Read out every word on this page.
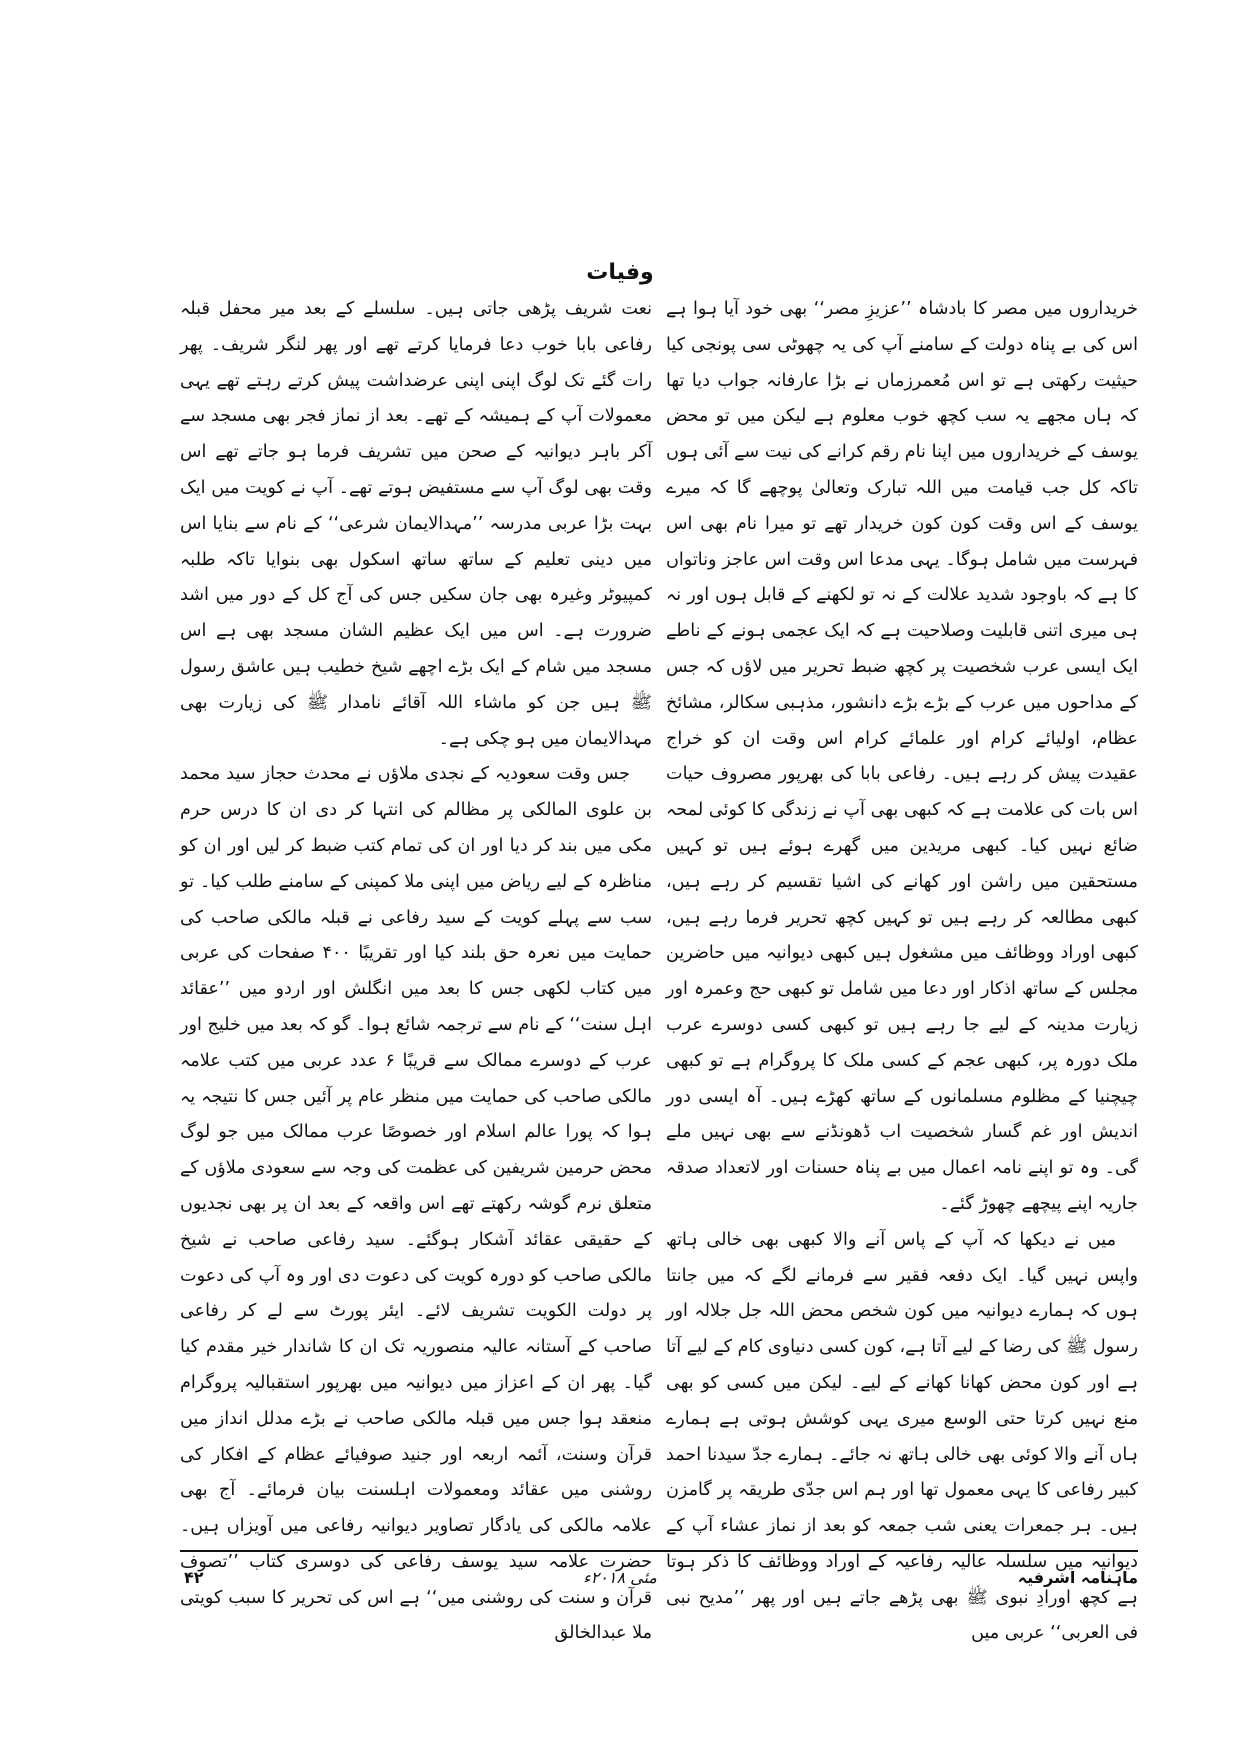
وفیات

خریداروں میں مصر کا بادشاہ ’’عزیزِ مصر‘‘ بھی خود آیا ہوا ہے اس کی بے پناہ دولت کے سامنے آپ کی یہ چھوٹی سی پونجی کیا حیثیت رکھتی ہے تو اس مُعمرزماں نے بڑا عارفانہ جواب دیا تھا کہ ہاں مجھے یہ سب کچھ خوب معلوم ہے لیکن میں تو محض یوسف کے خریداروں میں اپنا نام رقم کرانے کی نیت سے آئی ہوں تاکہ کل جب قیامت میں اللہ تبارک وتعالیٰ پوچھے گا کہ میرے یوسف کے اس وقت کون کون خریدار تھے تو میرا نام بھی اس فہرست میں شامل ہوگا۔ یہی مدعا اس وقت اس عاجز وناتواں کا ہے کہ باوجود شدید علالت کے نہ تو لکھنے کے قابل ہوں اور نہ ہی میری اتنی قابلیت وصلاحیت ہے کہ ایک عجمی ہونے کے ناطے ایک ایسی عرب شخصیت پر کچھ ضبط تحریر میں لاؤں کہ جس کے مداحوں میں عرب کے بڑے بڑے دانشور، مذہبی سکالر، مشائخ عظام، اولیائے کرام اور علمائے کرام اس وقت ان کو خراج عقیدت پیش کر رہے ہیں۔ رفاعی بابا کی بھرپور مصروف حیات اس بات کی علامت ہے کہ کبھی بھی آپ نے زندگی کا کوئی لمحہ ضائع نہیں کیا۔ کبھی مریدین میں گھرے ہوئے ہیں تو کہیں مستحقین میں راشن اور کھانے کی اشیا تقسیم کر رہے ہیں، کبھی مطالعہ کر رہے ہیں تو کہیں کچھ تحریر فرما رہے ہیں، کبھی اوراد ووظائف میں مشغول ہیں کبھی دیوانیہ میں حاضرین مجلس کے ساتھ اذکار اور دعا میں شامل تو کبھی حج وعمرہ اور زیارت مدینہ کے لیے جا رہے ہیں تو کبھی کسی دوسرے عرب ملک دورہ پر، کبھی عجم کے کسی ملک کا پروگرام ہے تو کبھی چیچنیا کے مظلوم مسلمانوں کے ساتھ کھڑے ہیں۔ آہ ایسی دور اندیش اور غم گسار شخصیت اب ڈھونڈنے سے بھی نہیں ملے گی۔ وہ تو اپنے نامہ اعمال میں بے پناہ حسنات اور لاتعداد صدقہ جاریہ اپنے پیچھے چھوڑ گئے۔

میں نے دیکھا کہ آپ کے پاس آنے والا کبھی بھی خالی ہاتھ واپس نہیں گیا۔ ایک دفعہ فقیر سے فرمانے لگے کہ میں جانتا ہوں کہ ہمارے دیوانیہ میں کون شخص محض اللہ جل جلالہ اور رسول ﷺ کی رضا کے لیے آتا ہے، کون کسی دنیاوی کام کے لیے آتا ہے اور کون محض کھانا کھانے کے لیے۔ لیکن میں کسی کو بھی منع نہیں کرتا حتی الوسع میری یہی کوشش ہوتی ہے ہمارے ہاں آنے والا کوئی بھی خالی ہاتھ نہ جائے۔ ہمارے جدّ سیدنا احمد کبیر رفاعی کا یہی معمول تھا اور ہم اس جدّی طریقہ پر گامزن ہیں۔ ہر جمعرات یعنی شب جمعہ کو بعد از نماز عشاء آپ کے دیوانیہ میں سلسلہ عالیہ رفاعیہ کے اوراد ووظائف کا ذکر ہوتا ہے کچھ اورادِ نبوی ﷺ بھی پڑھے جاتے ہیں اور پھر ’’مدیح نبی فی العربی‘‘ عربی میں

نعت شریف پڑھی جاتی ہیں۔ سلسلے کے بعد میر محفل قبلہ رفاعی بابا خوب دعا فرمایا کرتے تھے اور پھر لنگر شریف۔ پھر رات گئے تک لوگ اپنی اپنی عرضداشت پیش کرتے رہتے تھے یہی معمولات آپ کے ہمیشہ کے تھے۔ بعد از نماز فجر بھی مسجد سے آکر باہر دیوانیہ کے صحن میں تشریف فرما ہو جاتے تھے اس وقت بھی لوگ آپ سے مستفیض ہوتے تھے۔ آپ نے کویت میں ایک بہت بڑا عربی مدرسہ ’’مہدالایمان شرعی‘‘ کے نام سے بنایا اس میں دینی تعلیم کے ساتھ ساتھ اسکول بھی بنوایا تاکہ طلبہ کمپیوٹر وغیرہ بھی جان سکیں جس کی آج کل کے دور میں اشد ضرورت ہے۔ اس میں ایک عظیم الشان مسجد بھی ہے اس مسجد میں شام کے ایک بڑے اچھے شیخ خطیب ہیں عاشق رسول ﷺ ہیں جن کو ماشاء اللہ آقائے نامدار ﷺ کی زیارت بھی مہدالایمان میں ہو چکی ہے۔

جس وقت سعودیہ کے نجدی ملاؤں نے محدث حجاز سید محمد بن علوی المالکی پر مظالم کی انتہا کر دی ان کا درس حرم مکی میں بند کر دیا اور ان کی تمام کتب ضبط کر لیں اور ان کو مناظرہ کے لیے ریاض میں اپنی ملا کمپنی کے سامنے طلب کیا۔ تو سب سے پہلے کویت کے سید رفاعی نے قبلہ مالکی صاحب کی حمایت میں نعرہ حق بلند کیا اور تقریبًا ۴۰۰ صفحات کی عربی میں کتاب لکھی جس کا بعد میں انگلش اور اردو میں ’’عقائد اہل سنت‘‘ کے نام سے ترجمہ شائع ہوا۔ گو کہ بعد میں خلیج اور عرب کے دوسرے ممالک سے قریبًا ۶ عدد عربی میں کتب علامہ مالکی صاحب کی حمایت میں منظر عام پر آئیں جس کا نتیجہ یہ ہوا کہ پورا عالم اسلام اور خصوصًا عرب ممالک میں جو لوگ محض حرمین شریفین کی عظمت کی وجہ سے سعودی ملاؤں کے متعلق نرم گوشہ رکھتے تھے اس واقعہ کے بعد ان پر بھی نجدیوں کے حقیقی عقائد آشکار ہوگئے۔ سید رفاعی صاحب نے شیخ مالکی صاحب کو دورہ کویت کی دعوت دی اور وہ آپ کی دعوت پر دولت الکویت تشریف لائے۔ ایئر پورٹ سے لے کر رفاعی صاحب کے آستانہ عالیہ منصوریہ تک ان کا شاندار خیر مقدم کیا گیا۔ پھر ان کے اعزاز میں دیوانیہ میں بھرپور استقبالیہ پروگرام منعقد ہوا جس میں قبلہ مالکی صاحب نے بڑے مدلل انداز میں قرآن وسنت، آئمہ اربعہ اور جنید صوفیائے عظام کے افکار کی روشنی میں عقائد ومعمولات اہلسنت بیان فرمائے۔ آج بھی علامہ مالکی کی یادگار تصاویر دیوانیہ رفاعی میں آویزاں ہیں۔ حضرت علامہ سید یوسف رفاعی کی دوسری کتاب ’’تصوف قرآن و سنت کی روشنی میں‘‘ ہے اس کی تحریر کا سبب کویتی ملا عبدالخالق

ماہنامہ اشرفیہ
مئی ۲۰۱۸ء
۴۲
